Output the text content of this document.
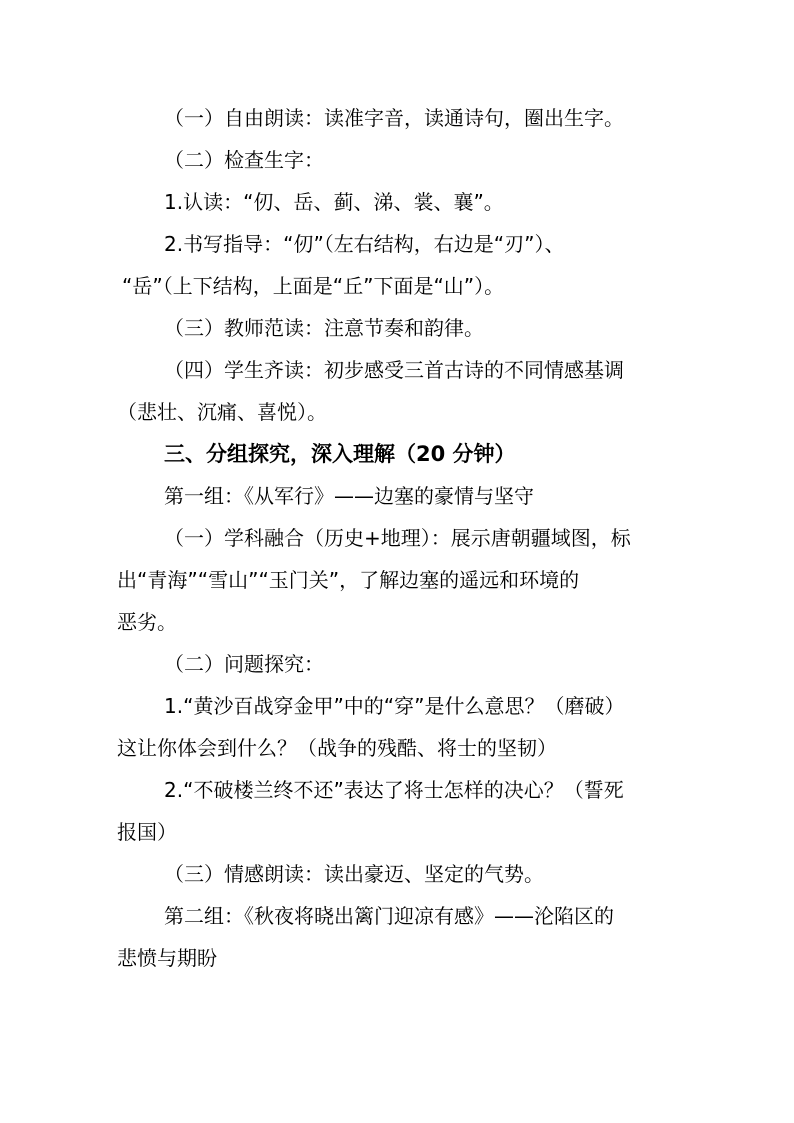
（一）自由朗读：读准字音，读通诗句，圈出生字。
（二）检查生字：
1.认读：“仞、岳、蓟、涕、裳、襄”。
2.书写指导：“仞”（左右结构，右边是“刃”）、
“岳”（上下结构，上面是“丘”下面是“山”）。
（三）教师范读：注意节奏和韵律。
（四）学生齐读：初步感受三首古诗的不同情感基调
（悲壮、沉痛、喜悦）。
三、分组探究，深入理解（20 分钟）
第一组：《从军行》——边塞的豪情与坚守
（一）学科融合（历史+地理）：展示唐朝疆域图，标
出“青海”“雪山”“玉门关”，了解边塞的遥远和环境的
恶劣。
（二）问题探究：
1.“黄沙百战穿金甲”中的“穿”是什么意思？（磨破）
这让你体会到什么？（战争的残酷、将士的坚韧）
2.“不破楼兰终不还”表达了将士怎样的决心？（誓死
报国）
（三）情感朗读：读出豪迈、坚定的气势。
第二组：《秋夜将晓出篱门迎凉有感》——沦陷区的
悲愤与期盼
